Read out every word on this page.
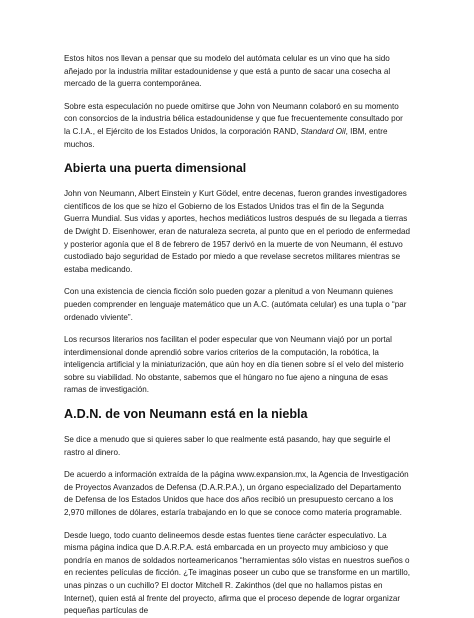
Estos hitos nos llevan a pensar que su modelo del autómata celular es un vino que ha sido añejado por la industria militar estadounidense y que está a punto de sacar una cosecha al mercado de la guerra contemporánea.

Sobre esta especulación no puede omitirse que John von Neumann colaboró en su momento con consorcios de la industria bélica estadounidense y que fue frecuentemente consultado por la C.I.A., el Ejército de los Estados Unidos, la corporación RAND, Standard Oil, IBM, entre muchos.

Abierta una puerta dimensional

John von Neumann, Albert Einstein y Kurt Gödel, entre decenas, fueron grandes investigadores científicos de los que se hizo el Gobierno de los Estados Unidos tras el fin de la Segunda Guerra Mundial. Sus vidas y aportes, hechos mediáticos lustros después de su llegada a tierras de Dwight D. Eisenhower, eran de naturaleza secreta, al punto que en el periodo de enfermedad y posterior agonía que el 8 de febrero de 1957 derivó en la muerte de von Neumann, él estuvo custodiado bajo seguridad de Estado por miedo a que revelase secretos militares mientras se estaba medicando.

Con una existencia de ciencia ficción solo pueden gozar a plenitud a von Neumann quienes pueden comprender en lenguaje matemático que un A.C. (autómata celular) es una tupla o “par ordenado viviente”.

Los recursos literarios nos facilitan el poder especular que von Neumann viajó por un portal interdimensional donde aprendió sobre varios criterios de la computación, la robótica, la inteligencia artificial y la miniaturización, que aún hoy en día tienen sobre sí el velo del misterio sobre su viabilidad. No obstante, sabemos que el húngaro no fue ajeno a ninguna de esas ramas de investigación.

A.D.N. de von Neumann está en la niebla

Se dice a menudo que si quieres saber lo que realmente está pasando, hay que seguirle el rastro al dinero.

De acuerdo a información extraída de la página www.expansion.mx, la Agencia de Investigación de Proyectos Avanzados de Defensa (D.A.R.P.A.), un órgano especializado del Departamento de Defensa de los Estados Unidos que hace dos años recibió un presupuesto cercano a los 2,970 millones de dólares, estaría trabajando en lo que se conoce como materia programable.

Desde luego, todo cuanto delineemos desde estas fuentes tiene carácter especulativo. La misma página indica que D.A.R.P.A. está embarcada en un proyecto muy ambicioso y que pondría en manos de soldados norteamericanos “herramientas sólo vistas en nuestros sueños o en recientes películas de ficción. ¿Te imaginas poseer un cubo que se transforme en un martillo, unas pinzas o un cuchillo? El doctor Mitchell R. Zakinthos (del que no hallamos pistas en Internet), quien está al frente del proyecto, afirma que el proceso depende de lograr organizar pequeñas partículas de
